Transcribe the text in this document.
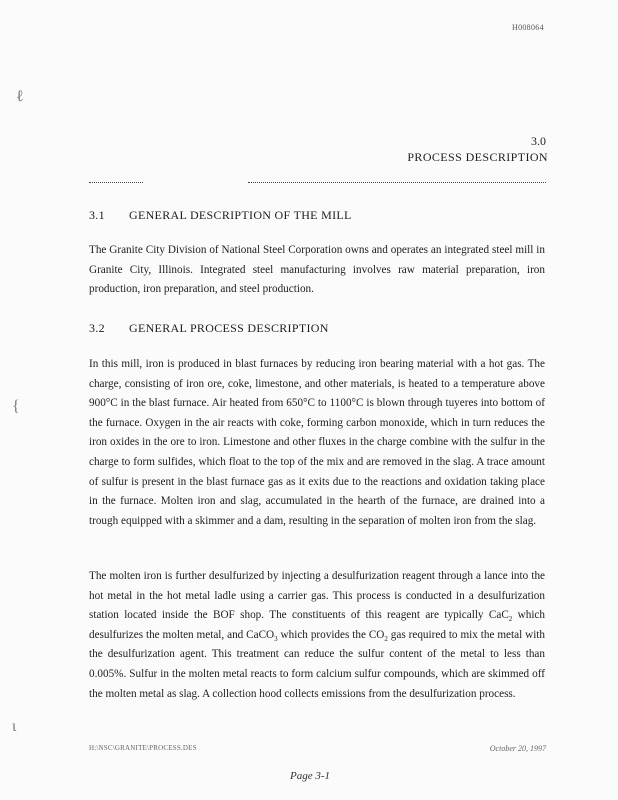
H008064
ℓ
{
ι
3.0
PROCESS DESCRIPTION
3.1 GENERAL DESCRIPTION OF THE MILL
The Granite City Division of National Steel Corporation owns and operates an integrated steel mill in Granite City, Illinois. Integrated steel manufacturing involves raw material preparation, iron production, iron preparation, and steel production.
3.2 GENERAL PROCESS DESCRIPTION
In this mill, iron is produced in blast furnaces by reducing iron bearing material with a hot gas. The charge, consisting of iron ore, coke, limestone, and other materials, is heated to a temperature above 900°C in the blast furnace. Air heated from 650°C to 1100°C is blown through tuyeres into bottom of the furnace. Oxygen in the air reacts with coke, forming carbon monoxide, which in turn reduces the iron oxides in the ore to iron. Limestone and other fluxes in the charge combine with the sulfur in the charge to form sulfides, which float to the top of the mix and are removed in the slag. A trace amount of sulfur is present in the blast furnace gas as it exits due to the reactions and oxidation taking place in the furnace. Molten iron and slag, accumulated in the hearth of the furnace, are drained into a trough equipped with a skimmer and a dam, resulting in the separation of molten iron from the slag.
The molten iron is further desulfurized by injecting a desulfurization reagent through a lance into the hot metal in the hot metal ladle using a carrier gas. This process is conducted in a desulfurization station located inside the BOF shop. The constituents of this reagent are typically CaC$_2$ which desulfurizes the molten metal, and CaCO$_3$ which provides the $CO_2$ gas required to mix the metal with the desulfurization agent. This treatment can reduce the sulfur content of the metal to less than 0.005%. Sulfur in the molten metal reacts to form calcium sulfur compounds, which are skimmed off the molten metal as slag. A collection hood collects emissions from the desulfurization process.
H:\NSC\GRANITE\PROCESS.DES	October 20, 1997
Page 3-1
